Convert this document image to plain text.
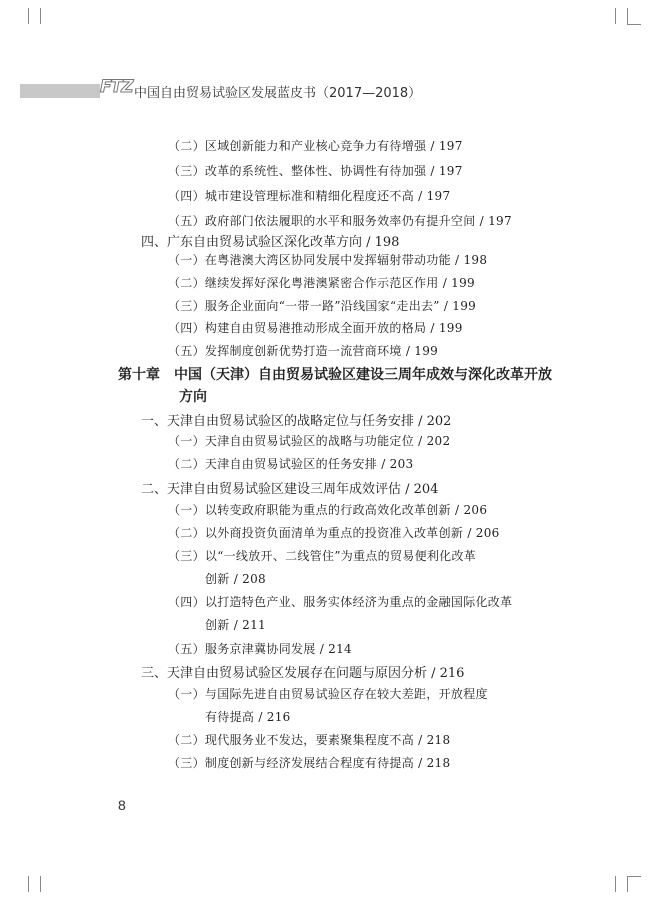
FTZ 中国自由贸易试验区发展蓝皮书（2017—2018）
（二）区域创新能力和产业核心竞争力有待增强 / 197
（三）改革的系统性、整体性、协调性有待加强 / 197
（四）城市建设管理标准和精细化程度还不高 / 197
（五）政府部门依法履职的水平和服务效率仍有提升空间 / 197
四、广东自由贸易试验区深化改革方向 / 198
（一）在粤港澳大湾区协同发展中发挥辐射带动功能 / 198
（二）继续发挥好深化粤港澳紧密合作示范区作用 / 199
（三）服务企业面向“一带一路”沿线国家“走出去” / 199
（四）构建自由贸易港推动形成全面开放的格局 / 199
（五）发挥制度创新优势打造一流营商环境 / 199
第十章　中国（天津）自由贸易试验区建设三周年成效与深化改革开放
方向
一、天津自由贸易试验区的战略定位与任务安排 / 202
（一）天津自由贸易试验区的战略与功能定位 / 202
（二）天津自由贸易试验区的任务安排 / 203
二、天津自由贸易试验区建设三周年成效评估 / 204
（一）以转变政府职能为重点的行政高效化改革创新 / 206
（二）以外商投资负面清单为重点的投资准入改革创新 / 206
（三）以“一线放开、二线管住”为重点的贸易便利化改革
创新 / 208
（四）以打造特色产业、服务实体经济为重点的金融国际化改革
创新 / 211
（五）服务京津冀协同发展 / 214
三、天津自由贸易试验区发展存在问题与原因分析 / 216
（一）与国际先进自由贸易试验区存在较大差距，开放程度
有待提高 / 216
（二）现代服务业不发达，要素聚集程度不高 / 218
（三）制度创新与经济发展结合程度有待提高 / 218
8
